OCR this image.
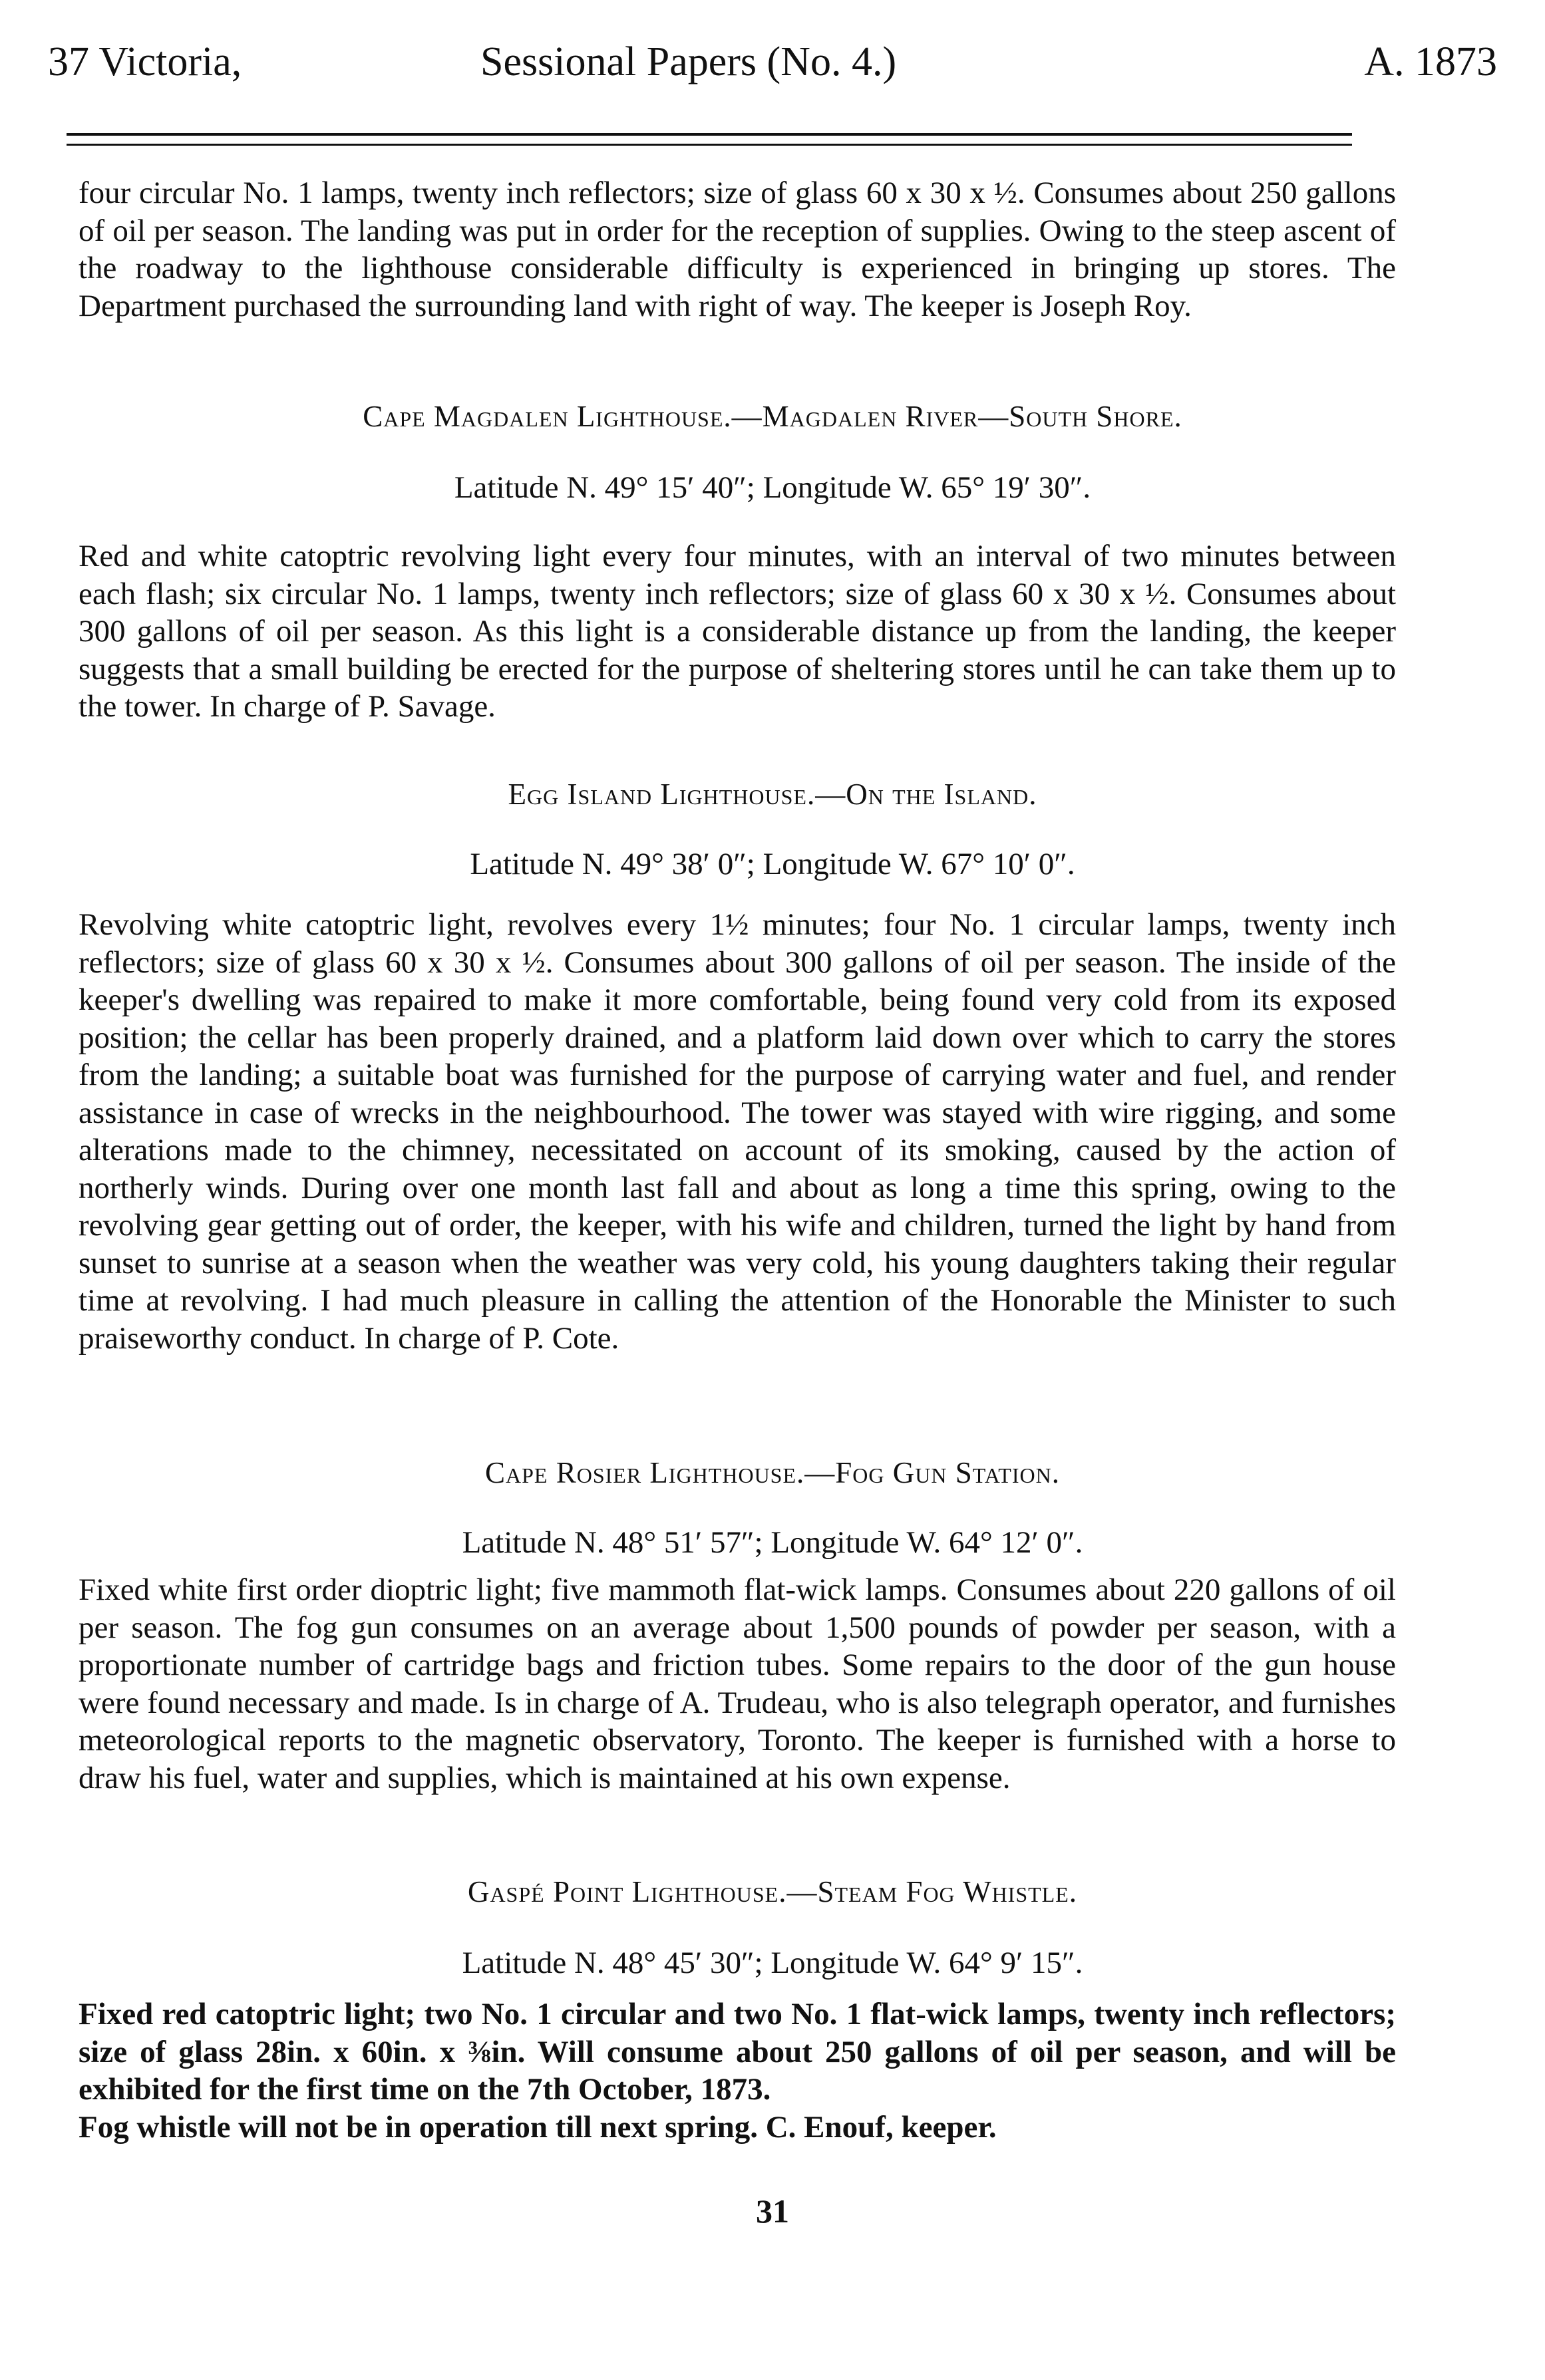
37 Victoria,	Sessional Papers (No. 4.)	A. 1873

four circular No. 1 lamps, twenty inch reflectors; size of glass 60 x 30 x ½. Consumes about 250 gallons of oil per season. The landing was put in order for the reception of supplies. Owing to the steep ascent of the roadway to the lighthouse considerable difficulty is experienced in bringing up stores. The Department purchased the surrounding land with right of way. The keeper is Joseph Roy.

Cape Magdalen Lighthouse.—Magdalen River—South Shore.
Latitude N. 49° 15′ 40″; Longitude W. 65° 19′ 30″.

Red and white catoptric revolving light every four minutes, with an interval of two minutes between each flash; six circular No. 1 lamps, twenty inch reflectors; size of glass 60 x 30 x ½. Consumes about 300 gallons of oil per season. As this light is a considerable distance up from the landing, the keeper suggests that a small building be erected for the purpose of sheltering stores until he can take them up to the tower. In charge of P. Savage.

Egg Island Lighthouse.—On the Island.
Latitude N. 49° 38′ 0″; Longitude W. 67° 10′ 0″.

Revolving white catoptric light, revolves every 1½ minutes; four No. 1 circular lamps, twenty inch reflectors; size of glass 60 x 30 x ½. Consumes about 300 gallons of oil per season. The inside of the keeper's dwelling was repaired to make it more comfortable, being found very cold from its exposed position; the cellar has been properly drained, and a platform laid down over which to carry the stores from the landing; a suitable boat was furnished for the purpose of carrying water and fuel, and render assistance in case of wrecks in the neighbourhood. The tower was stayed with wire rigging, and some alterations made to the chimney, necessitated on account of its smoking, caused by the action of northerly winds. During over one month last fall and about as long a time this spring, owing to the revolving gear getting out of order, the keeper, with his wife and children, turned the light by hand from sunset to sunrise at a season when the weather was very cold, his young daughters taking their regular time at revolving. I had much pleasure in calling the attention of the Honorable the Minister to such praiseworthy conduct. In charge of P. Cote.

Cape Rosier Lighthouse.—Fog Gun Station.
Latitude N. 48° 51′ 57″; Longitude W. 64° 12′ 0″.

Fixed white first order dioptric light; five mammoth flat-wick lamps. Consumes about 220 gallons of oil per season. The fog gun consumes on an average about 1,500 pounds of powder per season, with a proportionate number of cartridge bags and friction tubes. Some repairs to the door of the gun house were found necessary and made. Is in charge of A. Trudeau, who is also telegraph operator, and furnishes meteorological reports to the magnetic observatory, Toronto. The keeper is furnished with a horse to draw his fuel, water and supplies, which is maintained at his own expense.

Gaspé Point Lighthouse.—Steam Fog Whistle.
Latitude N. 48° 45′ 30″; Longitude W. 64° 9′ 15″.

Fixed red catoptric light; two No. 1 circular and two No. 1 flat-wick lamps, twenty inch reflectors; size of glass 28in. x 60in. x ⅜in. Will consume about 250 gallons of oil per season, and will be exhibited for the first time on the 7th October, 1873.

Fog whistle will not be in operation till next spring. C. Enouf, keeper.

31
